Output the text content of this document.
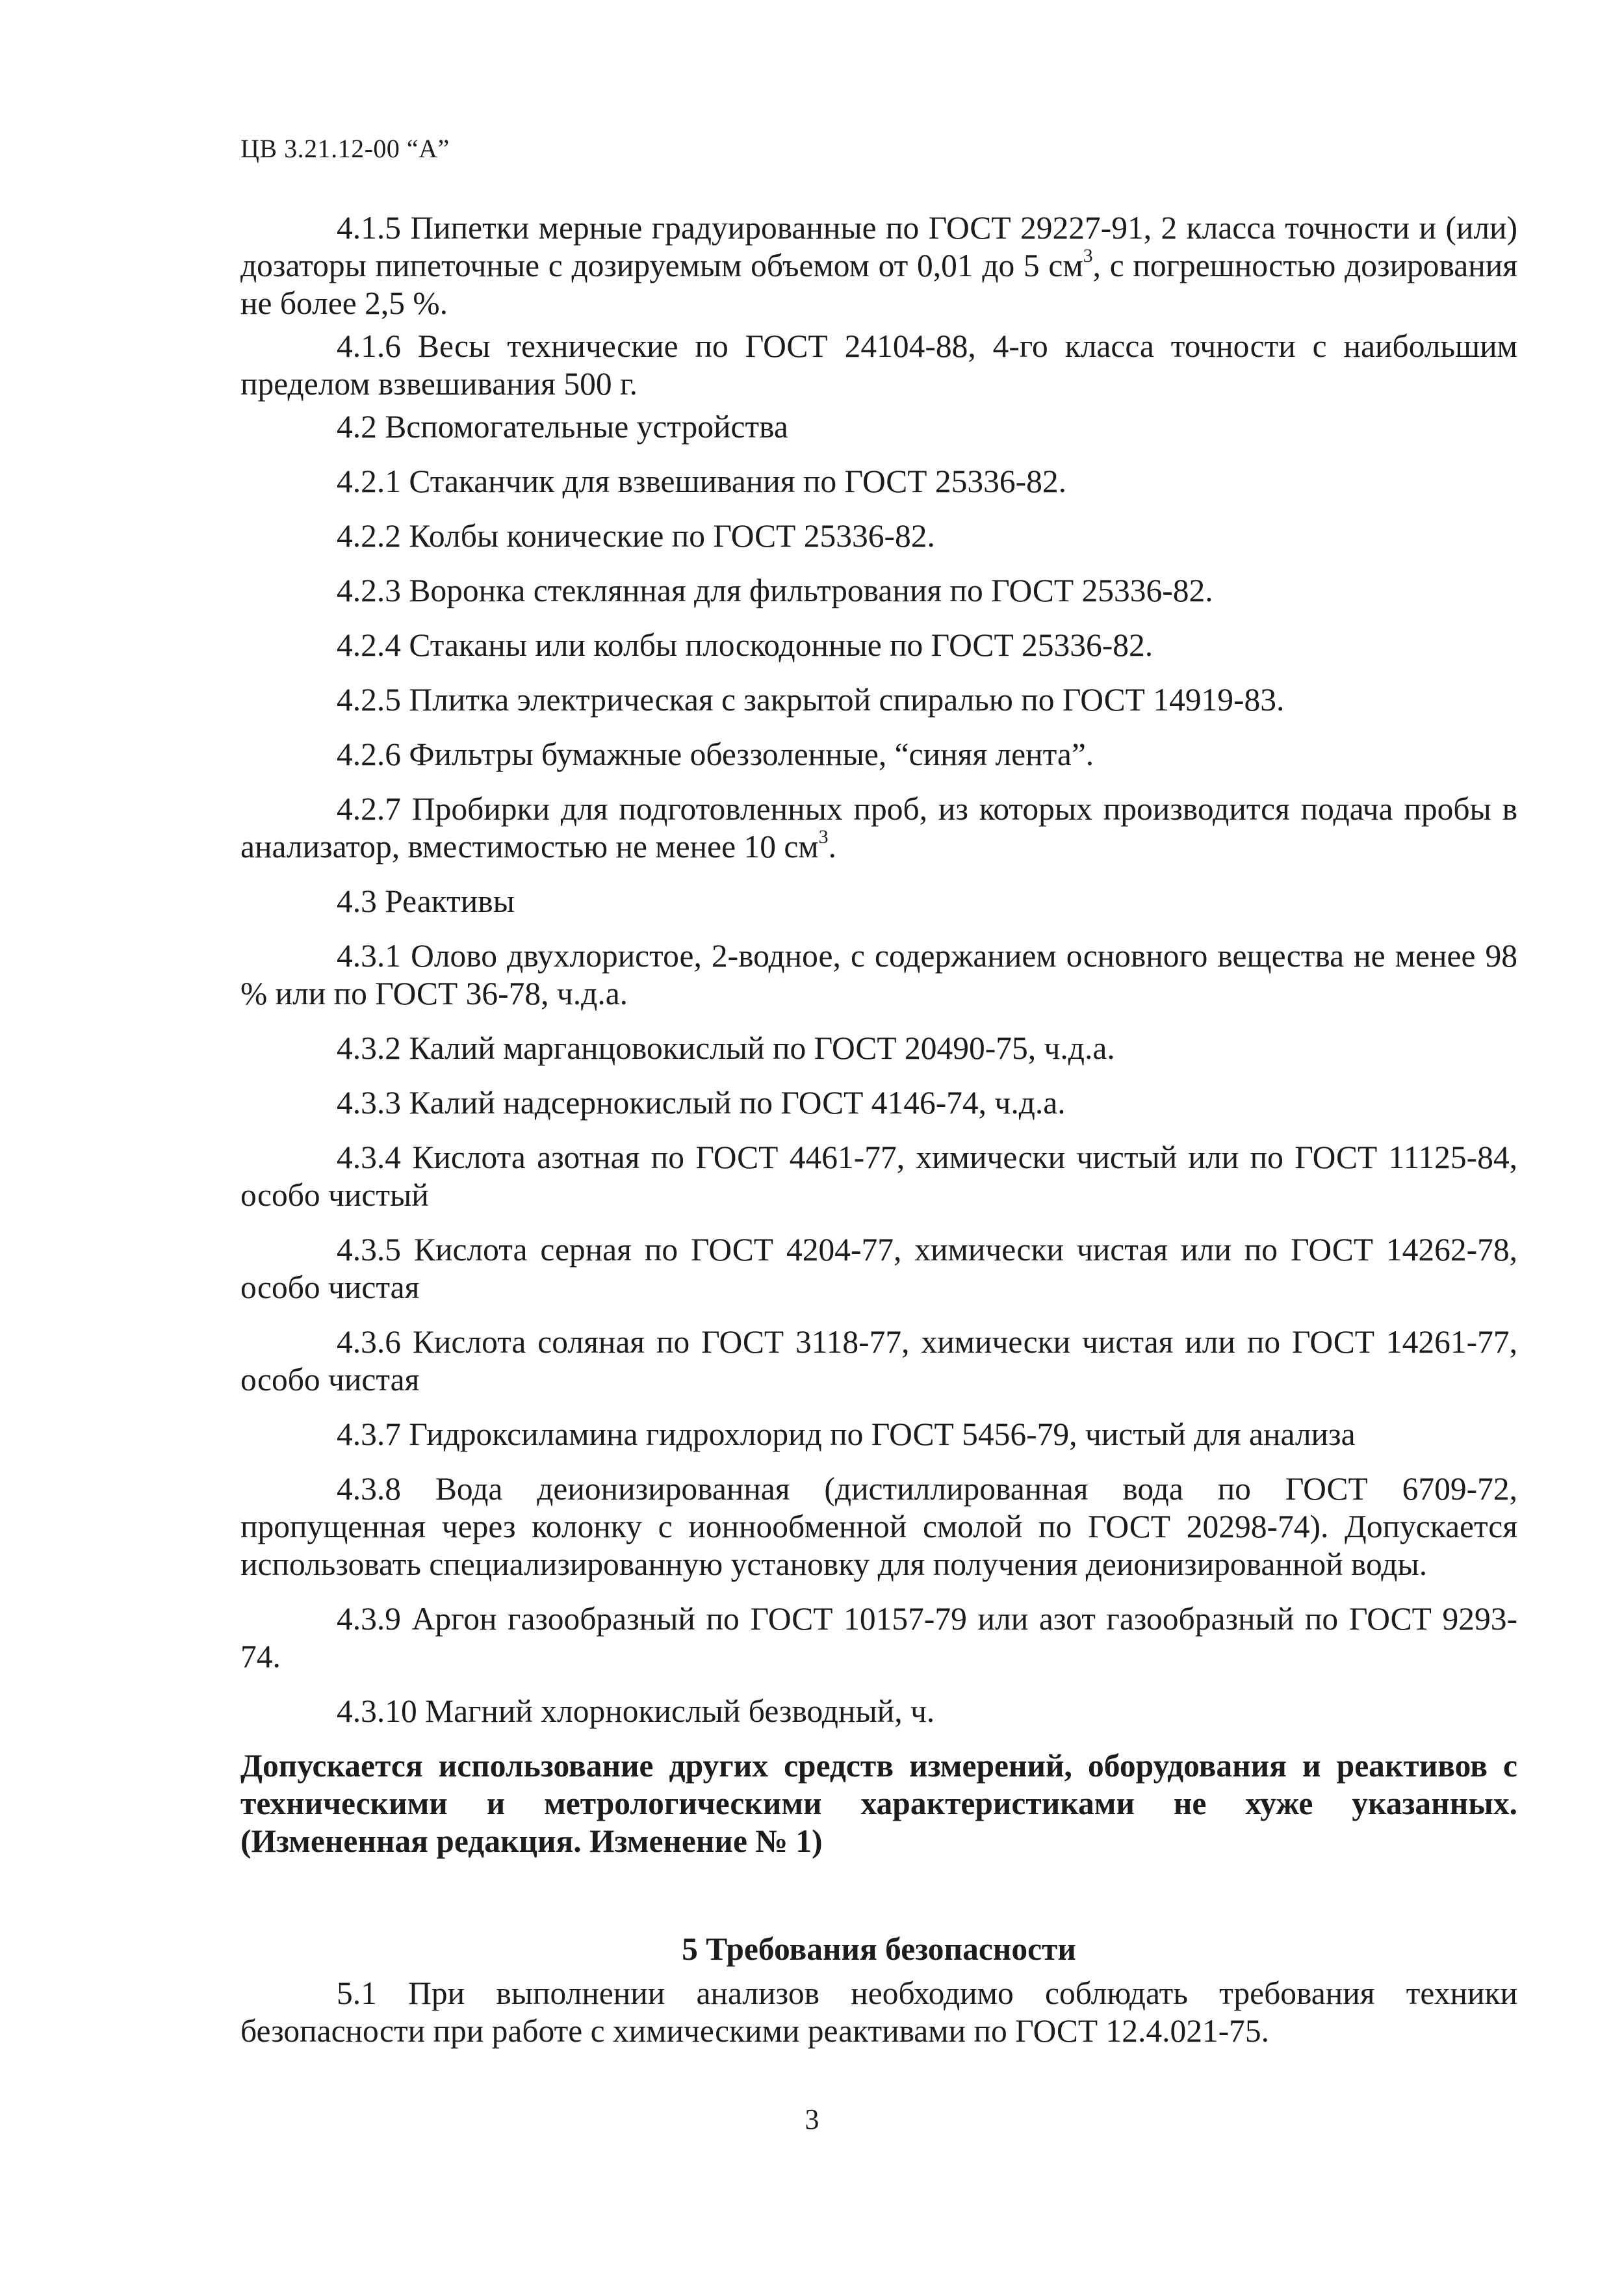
ЦВ 3.21.12-00 “А”

4.1.5 Пипетки мерные градуированные по ГОСТ 29227-91, 2 класса точности и (или) дозаторы пипеточные с дозируемым объемом от 0,01 до 5 $см^3$, с погрешностью дозирования не более 2,5 %.

4.1.6 Весы технические по ГОСТ 24104-88, 4-го класса точности с наибольшим пределом взвешивания 500 г.

4.2 Вспомогательные устройства

4.2.1 Стаканчик для взвешивания по ГОСТ 25336-82.

4.2.2 Колбы конические по ГОСТ 25336-82.

4.2.3 Воронка стеклянная для фильтрования по ГОСТ 25336-82.

4.2.4 Стаканы или колбы плоскодонные по ГОСТ 25336-82.

4.2.5 Плитка электрическая с закрытой спиралью по ГОСТ 14919-83.

4.2.6 Фильтры бумажные обеззоленные, “синяя лента”.

4.2.7 Пробирки для подготовленных проб, из которых производится подача пробы в анализатор, вместимостью не менее 10 $см^3$.

4.3 Реактивы

4.3.1 Олово двухлористое, 2-водное, с содержанием основного вещества не менее 98 % или по ГОСТ 36-78, ч.д.а.

4.3.2 Калий марганцовокислый по ГОСТ 20490-75, ч.д.а.

4.3.3 Калий надсернокислый по ГОСТ 4146-74, ч.д.а.

4.3.4 Кислота азотная по ГОСТ 4461-77, химически чистый или по ГОСТ 11125-84, особо чистый

4.3.5 Кислота серная по ГОСТ 4204-77, химически чистая или по ГОСТ 14262-78, особо чистая

4.3.6 Кислота соляная по ГОСТ 3118-77, химически чистая или по ГОСТ 14261-77, особо чистая

4.3.7 Гидроксиламина гидрохлорид по ГОСТ 5456-79, чистый для анализа

4.3.8 Вода деионизированная (дистиллированная вода по ГОСТ 6709-72, пропущенная через колонку с ионнообменной смолой по ГОСТ 20298-74). Допускается использовать специализированную установку для получения деионизированной воды.

4.3.9 Аргон газообразный по ГОСТ 10157-79 или азот газообразный по ГОСТ 9293-74.

4.3.10 Магний хлорнокислый безводный, ч.

Допускается использование других средств измерений, оборудования и реактивов с техническими и метрологическими характеристиками не хуже указанных. (Измененная редакция. Изменение № 1)

5 Требования безопасности

5.1 При выполнении анализов необходимо соблюдать требования техники безопасности при работе с химическими реактивами по ГОСТ 12.4.021-75.

3
